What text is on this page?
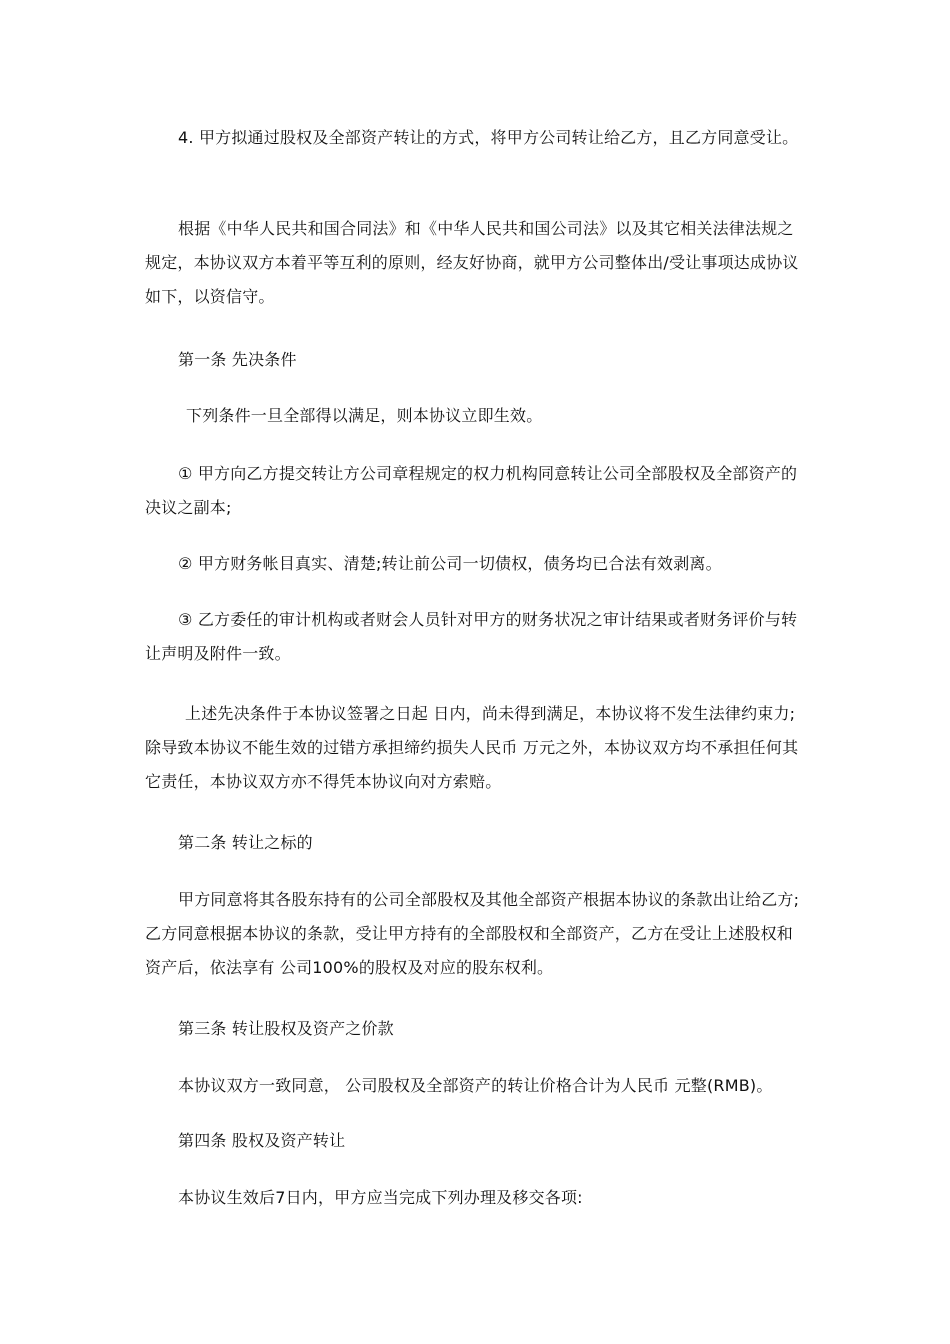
4. 甲方拟通过股权及全部资产转让的方式，将甲方公司转让给乙方，且乙方同意受让。

根据《中华人民共和国合同法》和《中华人民共和国公司法》以及其它相关法律法规之规定，本协议双方本着平等互利的原则，经友好协商，就甲方公司整体出/受让事项达成协议如下，以资信守。

第一条 先决条件

下列条件一旦全部得以满足，则本协议立即生效。

① 甲方向乙方提交转让方公司章程规定的权力机构同意转让公司全部股权及全部资产的决议之副本;

② 甲方财务帐目真实、清楚;转让前公司一切债权，债务均已合法有效剥离。

③ 乙方委任的审计机构或者财会人员针对甲方的财务状况之审计结果或者财务评价与转让声明及附件一致。

上述先决条件于本协议签署之日起 日内，尚未得到满足，本协议将不发生法律约束力;除导致本协议不能生效的过错方承担缔约损失人民币 万元之外，本协议双方均不承担任何其它责任，本协议双方亦不得凭本协议向对方索赔。

第二条 转让之标的

甲方同意将其各股东持有的公司全部股权及其他全部资产根据本协议的条款出让给乙方;乙方同意根据本协议的条款，受让甲方持有的全部股权和全部资产，乙方在受让上述股权和资产后，依法享有 公司100%的股权及对应的股东权利。

第三条 转让股权及资产之价款

本协议双方一致同意， 公司股权及全部资产的转让价格合计为人民币 元整(RMB)。

第四条 股权及资产转让

本协议生效后7日内，甲方应当完成下列办理及移交各项:
